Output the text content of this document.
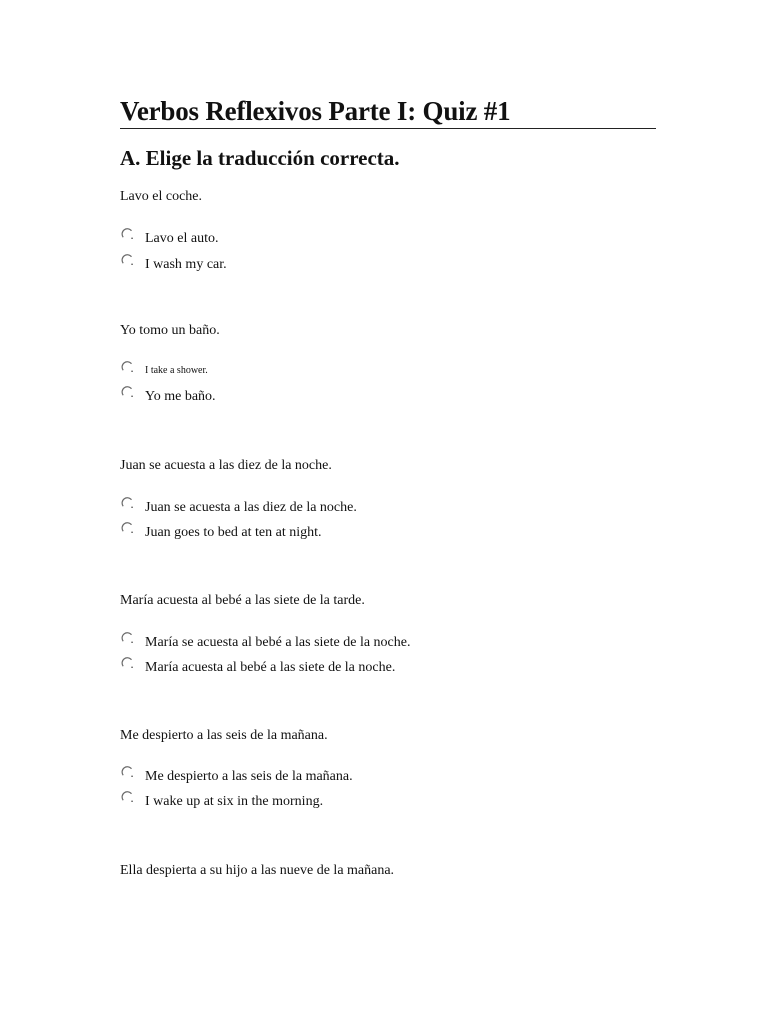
Verbos Reflexivos Parte I: Quiz #1
A. Elige la traducción correcta.

Lavo el coche.

Lavo el auto.
I wash my car.

Yo tomo un baño.

I take a shower.
Yo me baño.

Juan se acuesta a las diez de la noche.

Juan se acuesta a las diez de la noche.
Juan goes to bed at ten at night.

María acuesta al bebé a las siete de la tarde.

María se acuesta al bebé a las siete de la noche.
María acuesta al bebé a las siete de la noche.

Me despierto a las seis de la mañana.

Me despierto a las seis de la mañana.
I wake up at six in the morning.

Ella despierta a su hijo a las nueve de la mañana.
